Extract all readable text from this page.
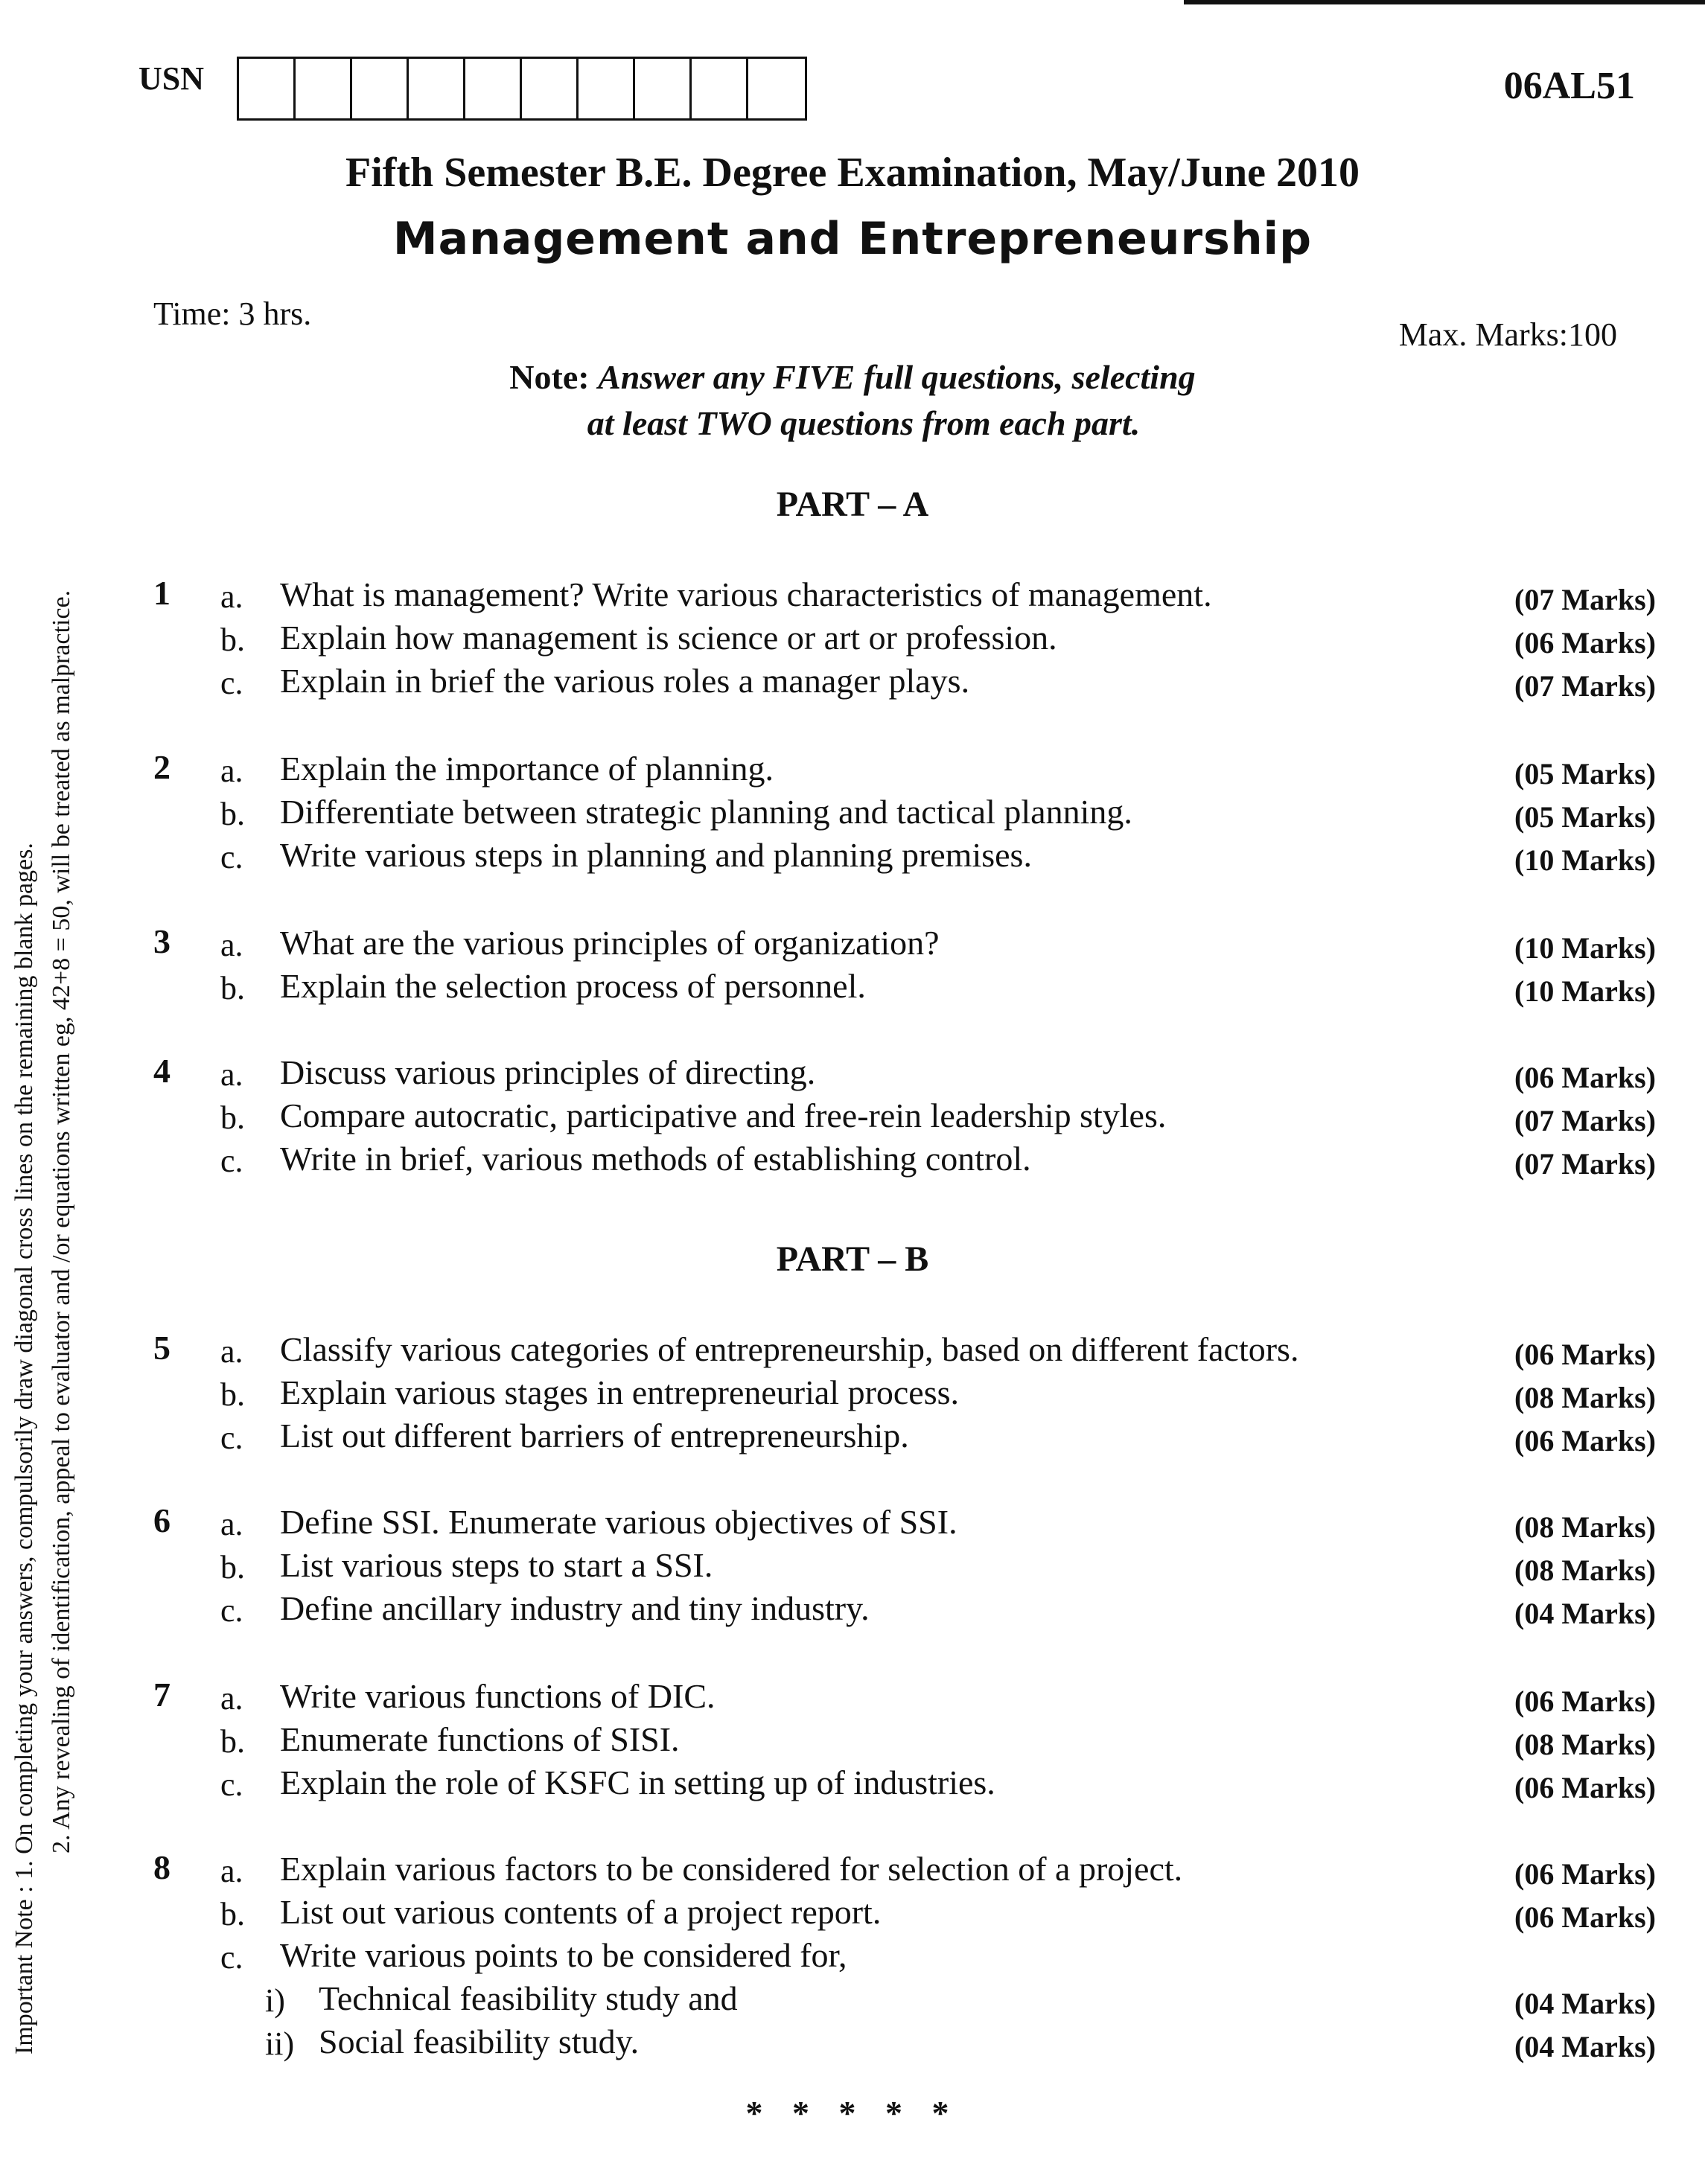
USN	06AL51
Fifth Semester B.E. Degree Examination, May/June 2010
Management and Entrepreneurship
Time: 3 hrs.
Max. Marks:100
Note: Answer any FIVE full questions, selecting
at least TWO questions from each part.
Important Note : 1. On completing your answers, compulsorily draw diagonal cross lines on the remaining blank pages. 2. Any revealing of identification, appeal to evaluator and /or equations written eg, 42+8 = 50, will be treated as malpractice.
PART – A
1 a. What is management? Write various characteristics of management.	(07 Marks)
b. Explain how management is science or art or profession.	(06 Marks)
c. Explain in brief the various roles a manager plays.	(07 Marks)
2 a. Explain the importance of planning.	(05 Marks)
b. Differentiate between strategic planning and tactical planning.	(05 Marks)
c. Write various steps in planning and planning premises.	(10 Marks)
3 a. What are the various principles of organization?	(10 Marks)
b. Explain the selection process of personnel.	(10 Marks)
4 a. Discuss various principles of directing.	(06 Marks)
b. Compare autocratic, participative and free-rein leadership styles.	(07 Marks)
c. Write in brief, various methods of establishing control.	(07 Marks)
PART – B
5 a. Classify various categories of entrepreneurship, based on different factors.	(06 Marks)
b. Explain various stages in entrepreneurial process.	(08 Marks)
c. List out different barriers of entrepreneurship.	(06 Marks)
6 a. Define SSI. Enumerate various objectives of SSI.	(08 Marks)
b. List various steps to start a SSI.	(08 Marks)
c. Define ancillary industry and tiny industry.	(04 Marks)
7 a. Write various functions of DIC.	(06 Marks)
b. Enumerate functions of SISI.	(08 Marks)
c. Explain the role of KSFC in setting up of industries.	(06 Marks)
8 a. Explain various factors to be considered for selection of a project.	(06 Marks)
b. List out various contents of a project report.	(06 Marks)
c. Write various points to be considered for,
i) Technical feasibility study and	(04 Marks)
ii) Social feasibility study.	(04 Marks)
* * * * *
